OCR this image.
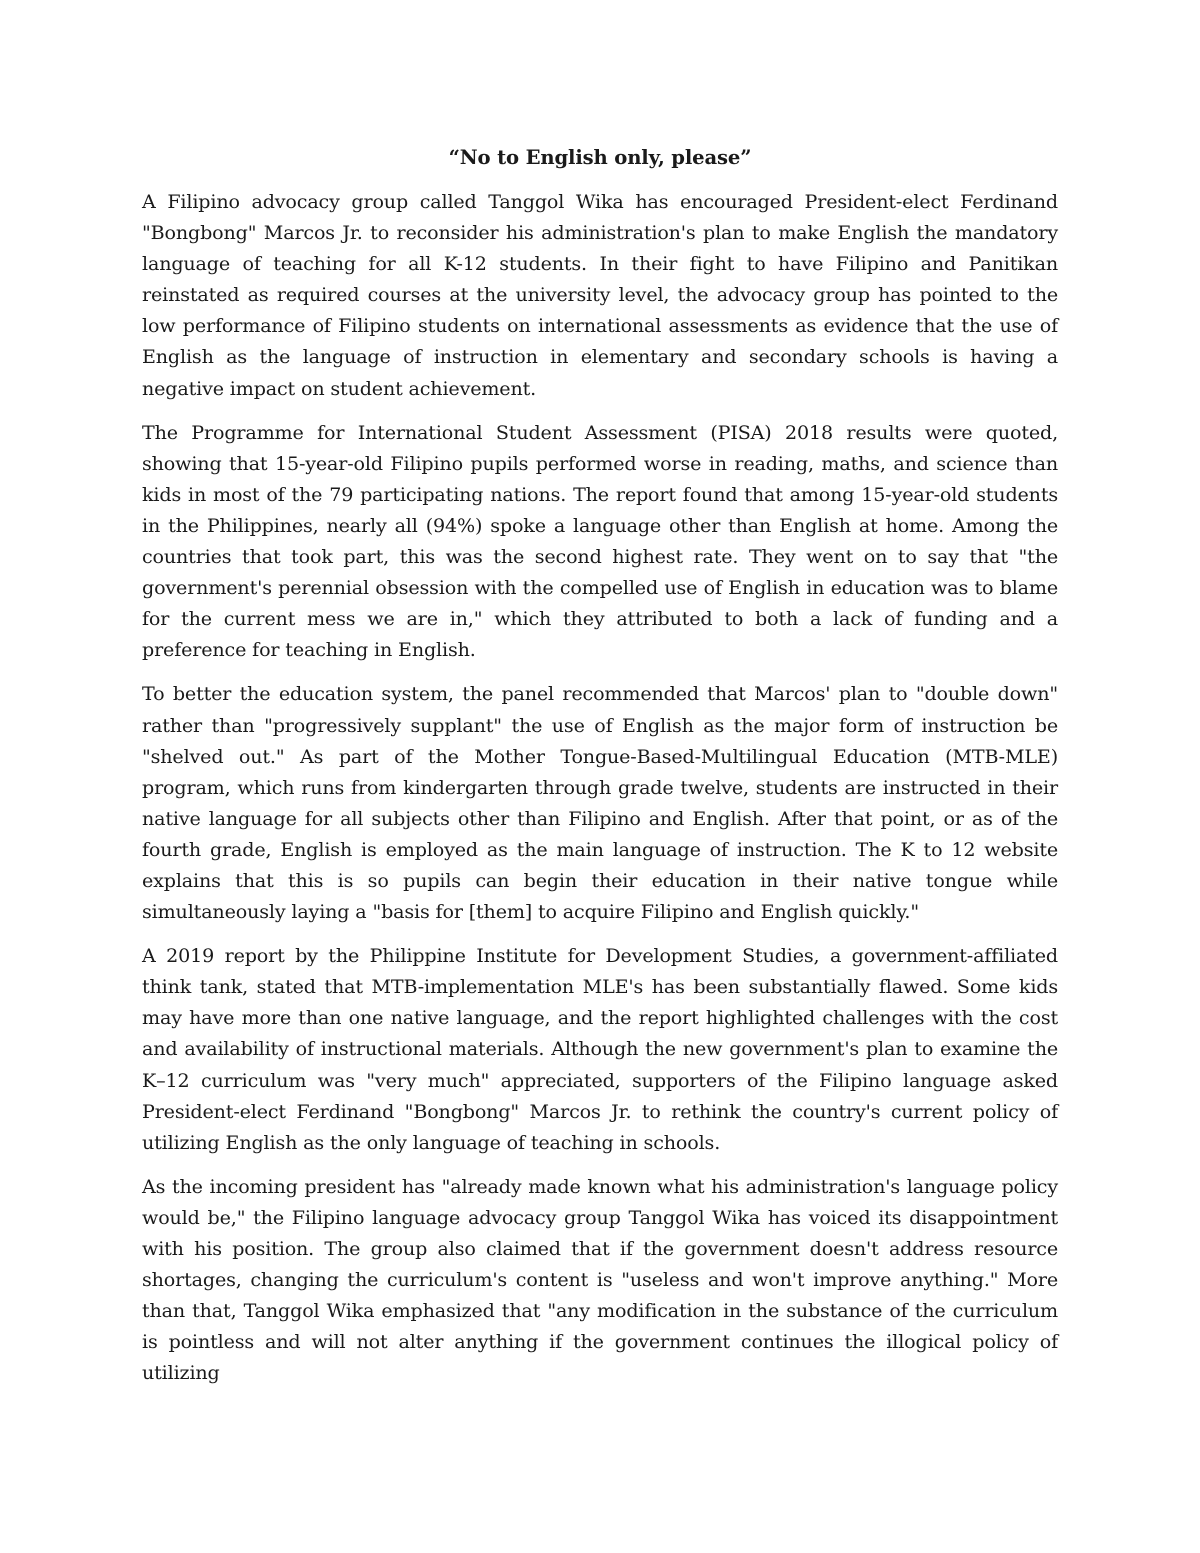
“No to English only, please”

A Filipino advocacy group called Tanggol Wika has encouraged President-elect Ferdinand "Bongbong" Marcos Jr. to reconsider his administration's plan to make English the mandatory language of teaching for all K-12 students. In their fight to have Filipino and Panitikan reinstated as required courses at the university level, the advocacy group has pointed to the low performance of Filipino students on international assessments as evidence that the use of English as the language of instruction in elementary and secondary schools is having a negative impact on student achievement.

The Programme for International Student Assessment (PISA) 2018 results were quoted, showing that 15-year-old Filipino pupils performed worse in reading, maths, and science than kids in most of the 79 participating nations. The report found that among 15-year-old students in the Philippines, nearly all (94%) spoke a language other than English at home. Among the countries that took part, this was the second highest rate. They went on to say that "the government's perennial obsession with the compelled use of English in education was to blame for the current mess we are in," which they attributed to both a lack of funding and a preference for teaching in English.

To better the education system, the panel recommended that Marcos' plan to "double down" rather than "progressively supplant" the use of English as the major form of instruction be "shelved out." As part of the Mother Tongue-Based-Multilingual Education (MTB-MLE) program, which runs from kindergarten through grade twelve, students are instructed in their native language for all subjects other than Filipino and English. After that point, or as of the fourth grade, English is employed as the main language of instruction. The K to 12 website explains that this is so pupils can begin their education in their native tongue while simultaneously laying a "basis for [them] to acquire Filipino and English quickly."

A 2019 report by the Philippine Institute for Development Studies, a government-affiliated think tank, stated that MTB-implementation MLE's has been substantially flawed. Some kids may have more than one native language, and the report highlighted challenges with the cost and availability of instructional materials. Although the new government's plan to examine the K–12 curriculum was "very much" appreciated, supporters of the Filipino language asked President-elect Ferdinand "Bongbong" Marcos Jr. to rethink the country's current policy of utilizing English as the only language of teaching in schools.

As the incoming president has "already made known what his administration's language policy would be," the Filipino language advocacy group Tanggol Wika has voiced its disappointment with his position. The group also claimed that if the government doesn't address resource shortages, changing the curriculum's content is "useless and won't improve anything." More than that, Tanggol Wika emphasized that "any modification in the substance of the curriculum is pointless and will not alter anything if the government continues the illogical policy of utilizing
